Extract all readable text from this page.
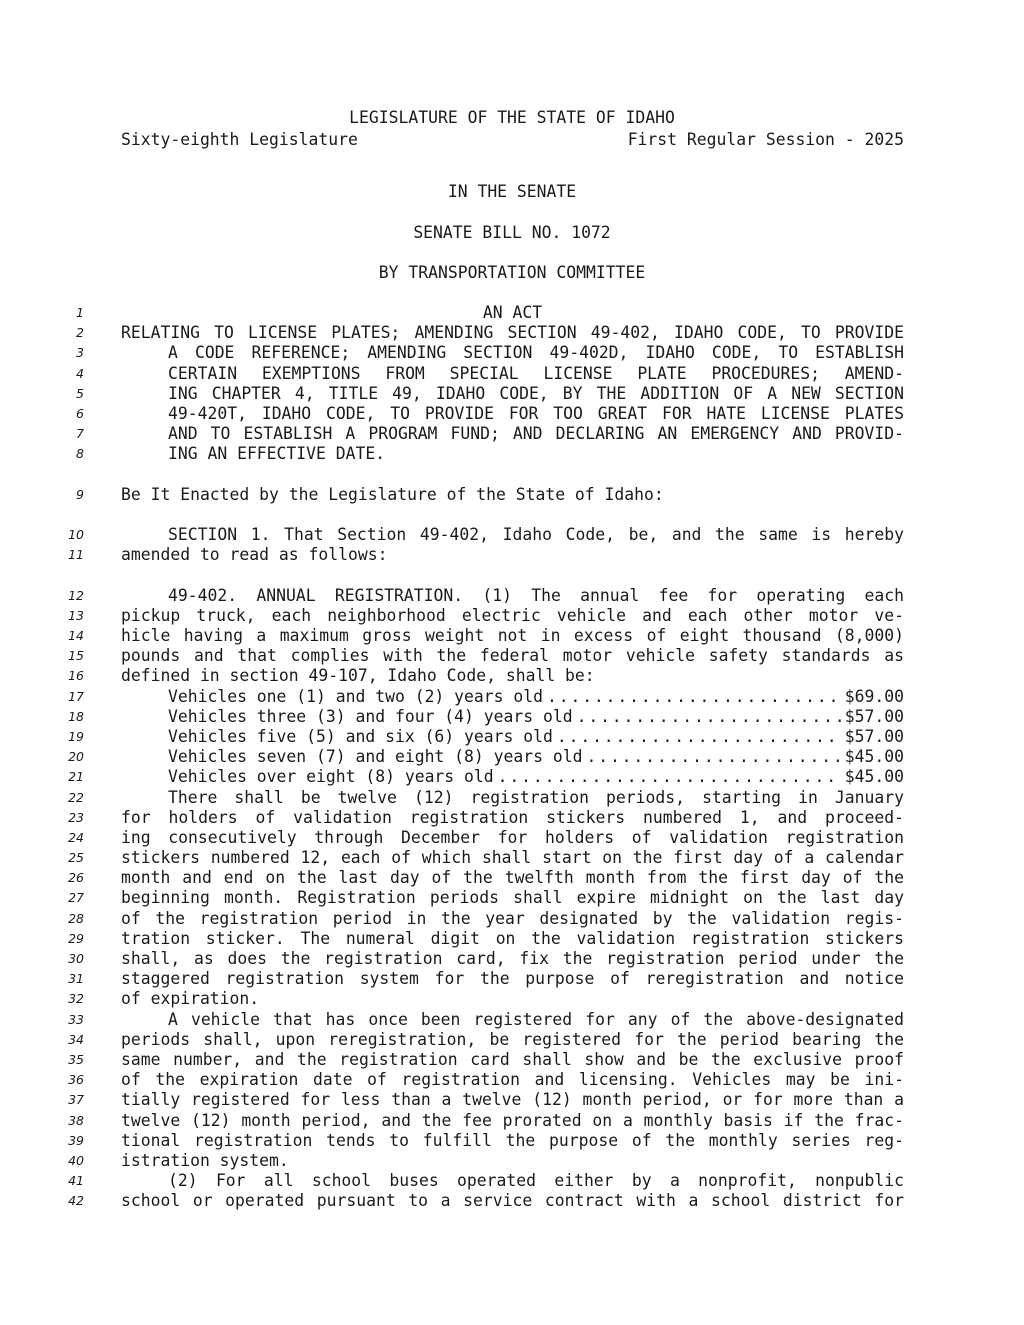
LEGISLATURE OF THE STATE OF IDAHO
Sixty-eighth Legislature	First Regular Session - 2025
IN THE SENATE
SENATE BILL NO. 1072
BY TRANSPORTATION COMMITTEE
1	AN ACT
2 RELATING TO LICENSE PLATES; AMENDING SECTION 49-402, IDAHO CODE, TO PROVIDE
3	A CODE REFERENCE; AMENDING SECTION 49-402D, IDAHO CODE, TO ESTABLISH
4	CERTAIN EXEMPTIONS FROM SPECIAL LICENSE PLATE PROCEDURES; AMEND-
5	ING CHAPTER 4, TITLE 49, IDAHO CODE, BY THE ADDITION OF A NEW SECTION
6	49-420T, IDAHO CODE, TO PROVIDE FOR TOO GREAT FOR HATE LICENSE PLATES
7	AND TO ESTABLISH A PROGRAM FUND; AND DECLARING AN EMERGENCY AND PROVID-
8	ING AN EFFECTIVE DATE.
9 Be It Enacted by the Legislature of the State of Idaho:
10	SECTION 1. That Section 49-402, Idaho Code, be, and the same is hereby
11 amended to read as follows:
12	49-402. ANNUAL REGISTRATION. (1) The annual fee for operating each
13 pickup truck, each neighborhood electric vehicle and each other motor ve-
14 hicle having a maximum gross weight not in excess of eight thousand (8,000)
15 pounds and that complies with the federal motor vehicle safety standards as
16 defined in section 49-107, Idaho Code, shall be:
17	Vehicles one (1) and two (2) years old . . .	$69.00
18	Vehicles three (3) and four (4) years old . . .	$57.00
19	Vehicles five (5) and six (6) years old . . .	$57.00
20	Vehicles seven (7) and eight (8) years old . . .	$45.00
21	Vehicles over eight (8) years old . . .	$45.00
22	There shall be twelve (12) registration periods, starting in January
23 for holders of validation registration stickers numbered 1, and proceed-
24 ing consecutively through December for holders of validation registration
25 stickers numbered 12, each of which shall start on the first day of a calendar
26 month and end on the last day of the twelfth month from the first day of the
27 beginning month. Registration periods shall expire midnight on the last day
28 of the registration period in the year designated by the validation regis-
29 tration sticker. The numeral digit on the validation registration stickers
30 shall, as does the registration card, fix the registration period under the
31 staggered registration system for the purpose of reregistration and notice
32 of expiration.
33	A vehicle that has once been registered for any of the above-designated
34 periods shall, upon reregistration, be registered for the period bearing the
35 same number, and the registration card shall show and be the exclusive proof
36 of the expiration date of registration and licensing. Vehicles may be ini-
37 tially registered for less than a twelve (12) month period, or for more than a
38 twelve (12) month period, and the fee prorated on a monthly basis if the frac-
39 tional registration tends to fulfill the purpose of the monthly series reg-
40 istration system.
41	(2) For all school buses operated either by a nonprofit, nonpublic
42 school or operated pursuant to a service contract with a school district for
